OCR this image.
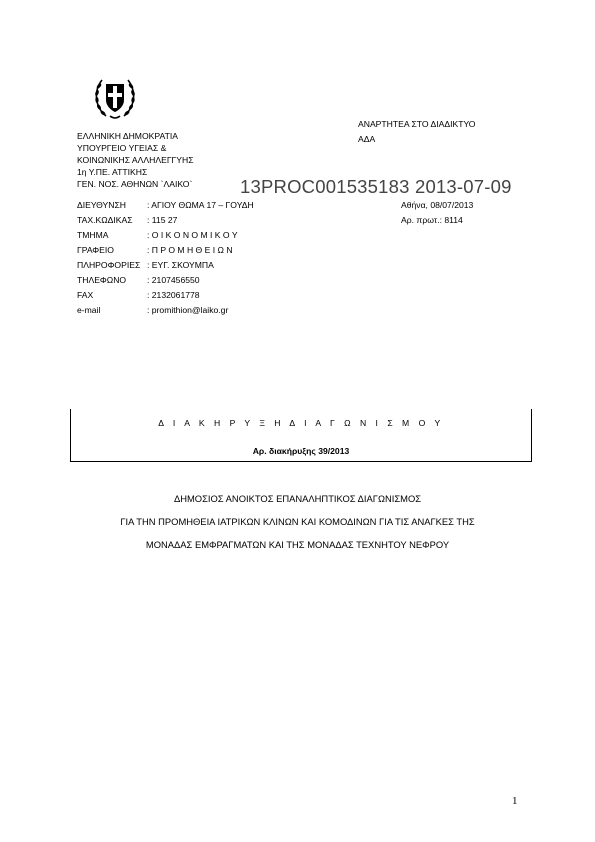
ΕΛΛΗΝΙΚΗ ΔΗΜΟΚΡΑΤΙΑ
ΥΠΟΥΡΓΕΙΟ ΥΓΕΙΑΣ &
ΚΟΙΝΩΝΙΚΗΣ ΑΛΛΗΛΕΓΓΥΗΣ
1η Υ.ΠΕ. ΑΤΤΙΚΗΣ
ΓΕΝ. ΝΟΣ. ΑΘΗΝΩΝ `ΛΑΙΚΟ`
ΑΝΑΡΤΗΤΕΑ ΣΤΟ ΔΙΑΔΙΚΤΥΟ
ΑΔΑ
13PROC001535183 2013-07-09
Αθήνα, 08/07/2013
Αρ. πρωτ.: 8114
ΔΙΕΥΘΥΝΣΗ : ΑΓΙΟΥ ΘΩΜΑ 17 – ΓΟΥΔΗ
ΤΑΧ.ΚΩΔΙΚΑΣ : 115 27
ΤΜΗΜΑ	: Ο Ι Κ Ο Ν Ο Μ Ι Κ Ο Υ
ΓΡΑΦΕΙΟ	: Π Ρ Ο Μ Η Θ Ε Ι Ω Ν
ΠΛΗΡΟΦΟΡΙΕΣ : ΕΥΓ. ΣΚΟΥΜΠΑ
ΤΗΛΕΦΩΝΟ : 2107456550
FAX	: 2132061778
e-mail	: promithion@laiko.gr
Δ Ι Α Κ Η Ρ Υ Ξ Η Δ Ι Α Γ Ω Ν Ι Σ Μ Ο Υ
Αρ. διακήρυξης 39/2013
ΔΗΜΟΣΙΟΣ ΑΝΟΙΚΤΟΣ ΕΠΑΝΑΛΗΠΤΙΚΟΣ ΔΙΑΓΩΝΙΣΜΟΣ
ΓΙΑ ΤΗΝ ΠΡΟΜΗΘΕΙΑ ΙΑΤΡΙΚΩΝ ΚΛΙΝΩΝ ΚΑΙ ΚΟΜΟΔΙΝΩΝ ΓΙΑ ΤΙΣ ΑΝΑΓΚΕΣ ΤΗΣ
ΜΟΝΑΔΑΣ ΕΜΦΡΑΓΜΑΤΩΝ ΚΑΙ ΤΗΣ ΜΟΝΑΔΑΣ ΤΕΧΝΗΤΟΥ ΝΕΦΡΟΥ
1
